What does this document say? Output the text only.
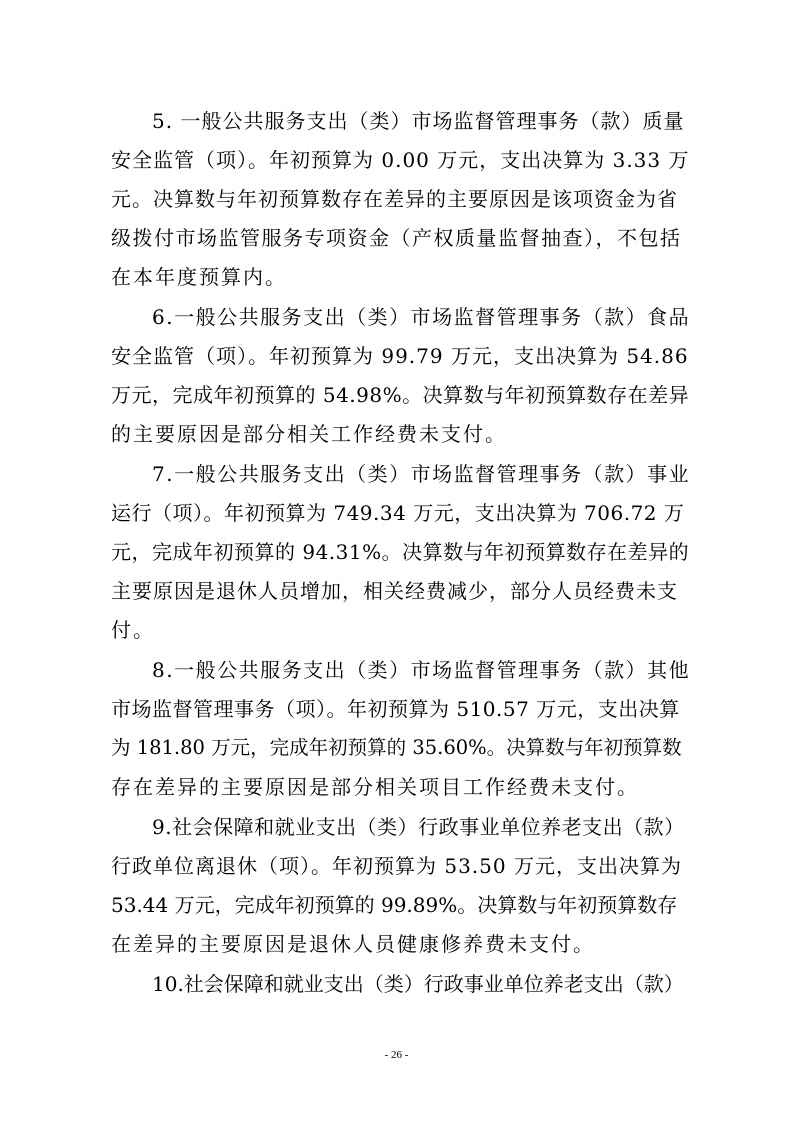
5. 一般公共服务支出（类）市场监督管理事务（款）质量
安全监管（项）。年初预算为 0.00 万元，支出决算为 3.33 万
元。决算数与年初预算数存在差异的主要原因是该项资金为省
级拨付市场监管服务专项资金（产权质量监督抽查），不包括
在本年度预算内。
6.一般公共服务支出（类）市场监督管理事务（款）食品
安全监管（项）。年初预算为 99.79 万元，支出决算为 54.86
万元，完成年初预算的 54.98%。决算数与年初预算数存在差异
的主要原因是部分相关工作经费未支付。
7.一般公共服务支出（类）市场监督管理事务（款）事业
运行（项）。年初预算为 749.34 万元，支出决算为 706.72 万
元，完成年初预算的 94.31%。决算数与年初预算数存在差异的
主要原因是退休人员增加，相关经费减少，部分人员经费未支
付。
8.一般公共服务支出（类）市场监督管理事务（款）其他
市场监督管理事务（项）。年初预算为 510.57 万元，支出决算
为 181.80 万元，完成年初预算的 35.60%。决算数与年初预算数
存在差异的主要原因是部分相关项目工作经费未支付。
9.社会保障和就业支出（类）行政事业单位养老支出（款）
行政单位离退休（项）。年初预算为 53.50 万元，支出决算为
53.44 万元，完成年初预算的 99.89%。决算数与年初预算数存
在差异的主要原因是退休人员健康修养费未支付。
10.社会保障和就业支出（类）行政事业单位养老支出（款）
- 26 -
